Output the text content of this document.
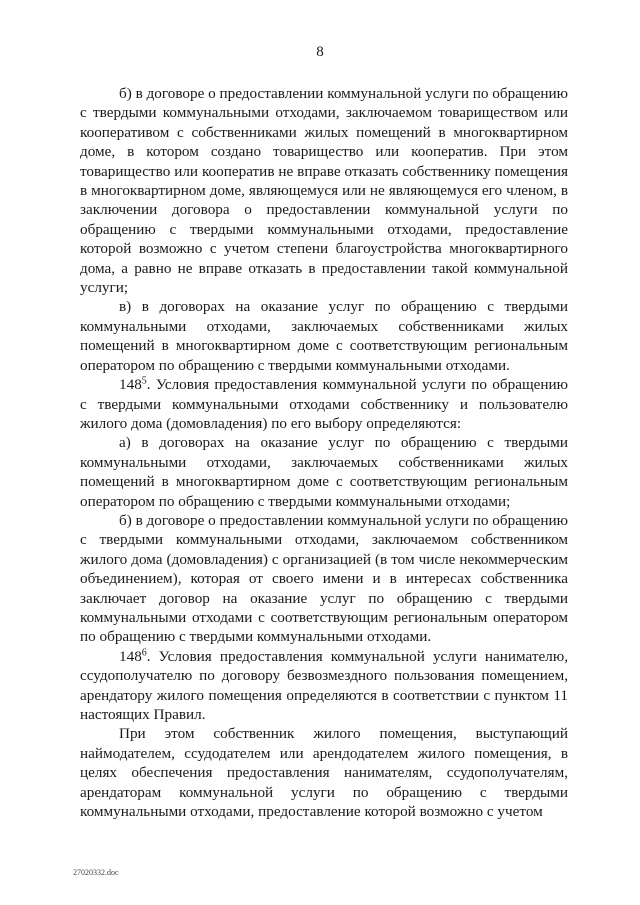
8

б) в договоре о предоставлении коммунальной услуги по обращению с твердыми коммунальными отходами, заключаемом товариществом или кооперативом с собственниками жилых помещений в многоквартирном доме, в котором создано товарищество или кооператив. При этом товарищество или кооператив не вправе отказать собственнику помещения в многоквартирном доме, являющемуся или не являющемуся его членом, в заключении договора о предоставлении коммунальной услуги по обращению с твердыми коммунальными отходами, предоставление которой возможно с учетом степени благоустройства многоквартирного дома, а равно не вправе отказать в предоставлении такой коммунальной услуги;

в) в договорах на оказание услуг по обращению с твердыми коммунальными отходами, заключаемых собственниками жилых помещений в многоквартирном доме с соответствующим региональным оператором по обращению с твердыми коммунальными отходами.

$148^5$. Условия предоставления коммунальной услуги по обращению с твердыми коммунальными отходами собственнику и пользователю жилого дома (домовладения) по его выбору определяются:

а) в договорах на оказание услуг по обращению с твердыми коммунальными отходами, заключаемых собственниками жилых помещений в многоквартирном доме с соответствующим региональным оператором по обращению с твердыми коммунальными отходами;

б) в договоре о предоставлении коммунальной услуги по обращению с твердыми коммунальными отходами, заключаемом собственником жилого дома (домовладения) с организацией (в том числе некоммерческим объединением), которая от своего имени и в интересах собственника заключает договор на оказание услуг по обращению с твердыми коммунальными отходами с соответствующим региональным оператором по обращению с твердыми коммунальными отходами.

$148^6$. Условия предоставления коммунальной услуги нанимателю, ссудополучателю по договору безвозмездного пользования помещением, арендатору жилого помещения определяются в соответствии с пунктом 11 настоящих Правил.

При этом собственник жилого помещения, выступающий наймодателем, ссудодателем или арендодателем жилого помещения, в целях обеспечения предоставления нанимателям, ссудополучателям, арендаторам коммунальной услуги по обращению с твердыми коммунальными отходами, предоставление которой возможно с учетом

27020332.doc
